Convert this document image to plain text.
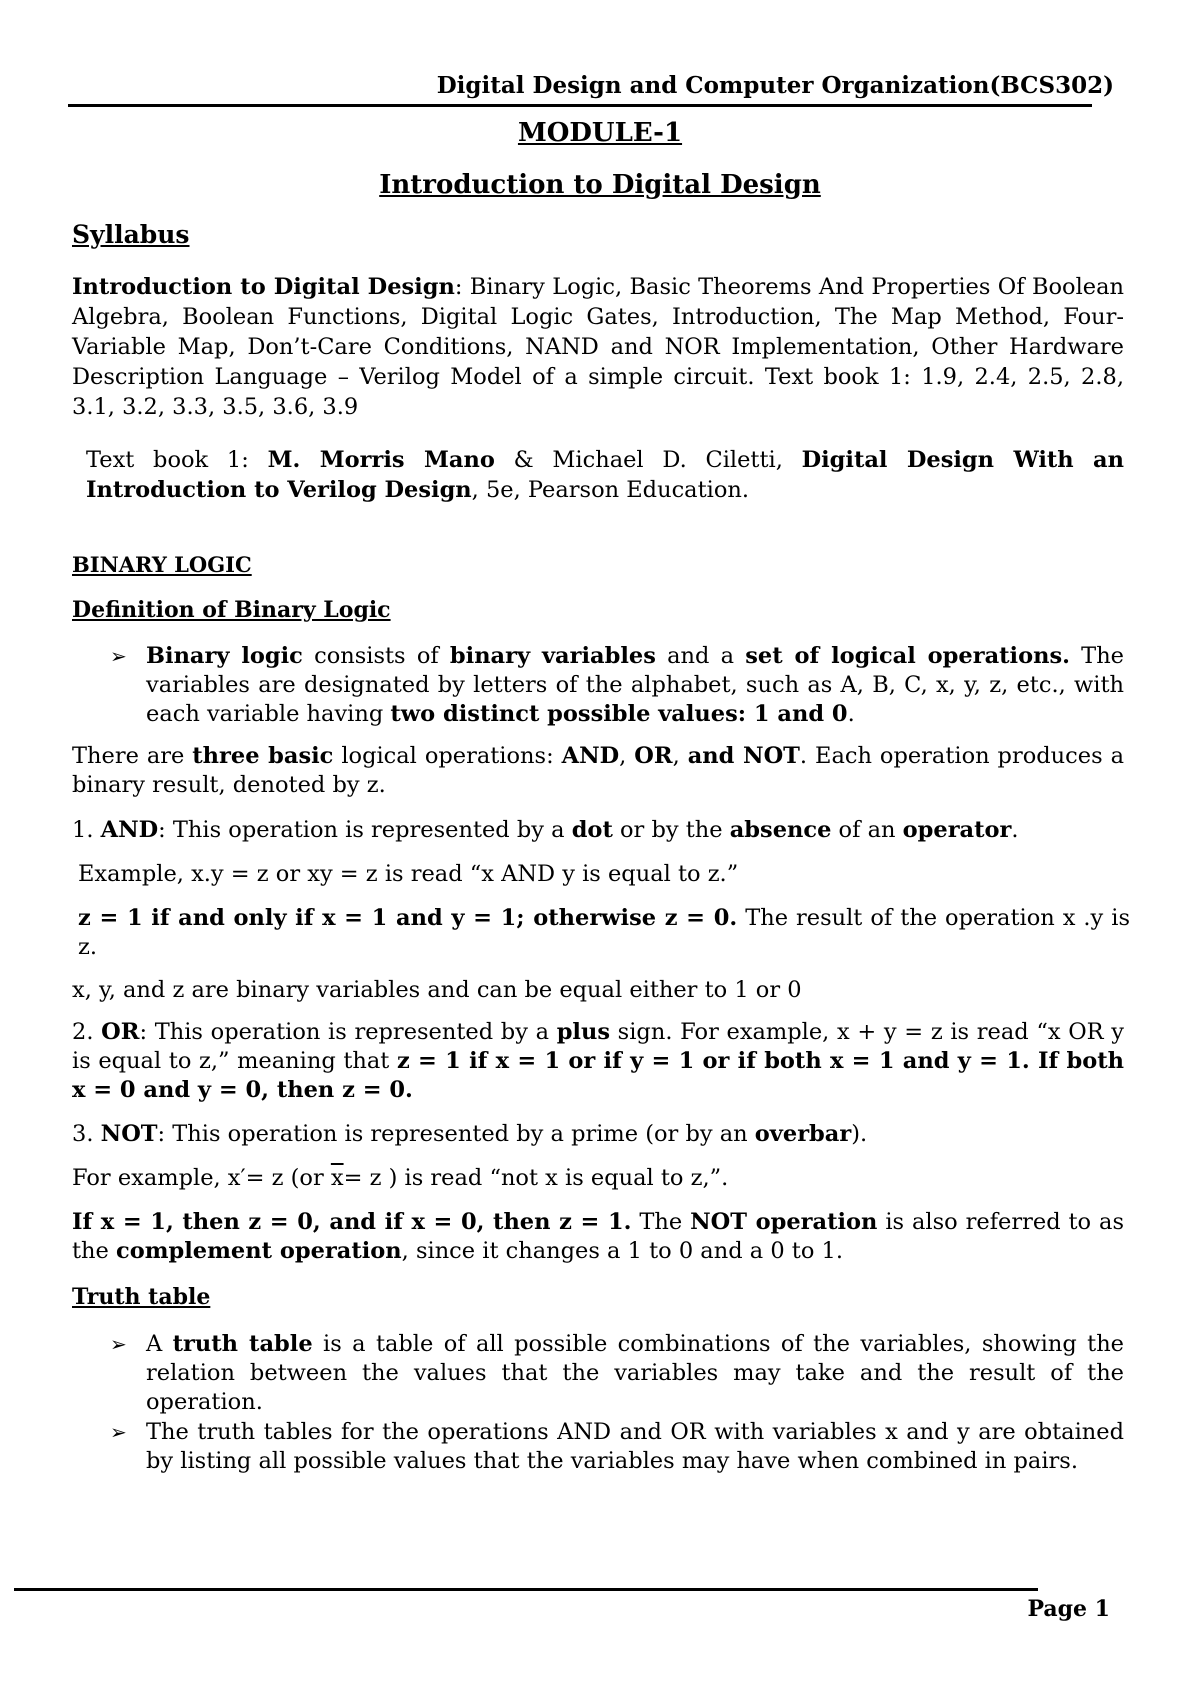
Digital Design and Computer Organization(BCS302)
MODULE-1
Introduction to Digital Design
Syllabus
Introduction to Digital Design: Binary Logic, Basic Theorems And Properties Of Boolean Algebra, Boolean Functions, Digital Logic Gates, Introduction, The Map Method, Four-Variable Map, Don’t-Care Conditions, NAND and NOR Implementation, Other Hardware Description Language – Verilog Model of a simple circuit. Text book 1: 1.9, 2.4, 2.5, 2.8, 3.1, 3.2, 3.3, 3.5, 3.6, 3.9
Text book 1: M. Morris Mano & Michael D. Ciletti, Digital Design With an Introduction to Verilog Design, 5e, Pearson Education.
BINARY LOGIC
Definition of Binary Logic
➢ Binary logic consists of binary variables and a set of logical operations. The variables are designated by letters of the alphabet, such as A, B, C, x, y, z, etc., with each variable having two distinct possible values: 1 and 0.
There are three basic logical operations: AND, OR, and NOT. Each operation produces a binary result, denoted by z.
1. AND: This operation is represented by a dot or by the absence of an operator.
Example, x.y = z or xy = z is read “x AND y is equal to z.”
z = 1 if and only if x = 1 and y = 1; otherwise z = 0. The result of the operation x .y is z.
x, y, and z are binary variables and can be equal either to 1 or 0
2. OR: This operation is represented by a plus sign. For example, x + y = z is read “x OR y is equal to z,” meaning that z = 1 if x = 1 or if y = 1 or if both x = 1 and y = 1. If both x = 0 and y = 0, then z = 0.
3. NOT: This operation is represented by a prime (or by an overbar).
For example, x′= z (or $\overline{x}= z$ ) is read “not x is equal to z,”.
If x = 1, then z = 0, and if x = 0, then z = 1. The NOT operation is also referred to as the complement operation, since it changes a 1 to 0 and a 0 to 1.
Truth table
➢ A truth table is a table of all possible combinations of the variables, showing the relation between the values that the variables may take and the result of the operation.
➢ The truth tables for the operations AND and OR with variables x and y are obtained by listing all possible values that the variables may have when combined in pairs.
Page 1
